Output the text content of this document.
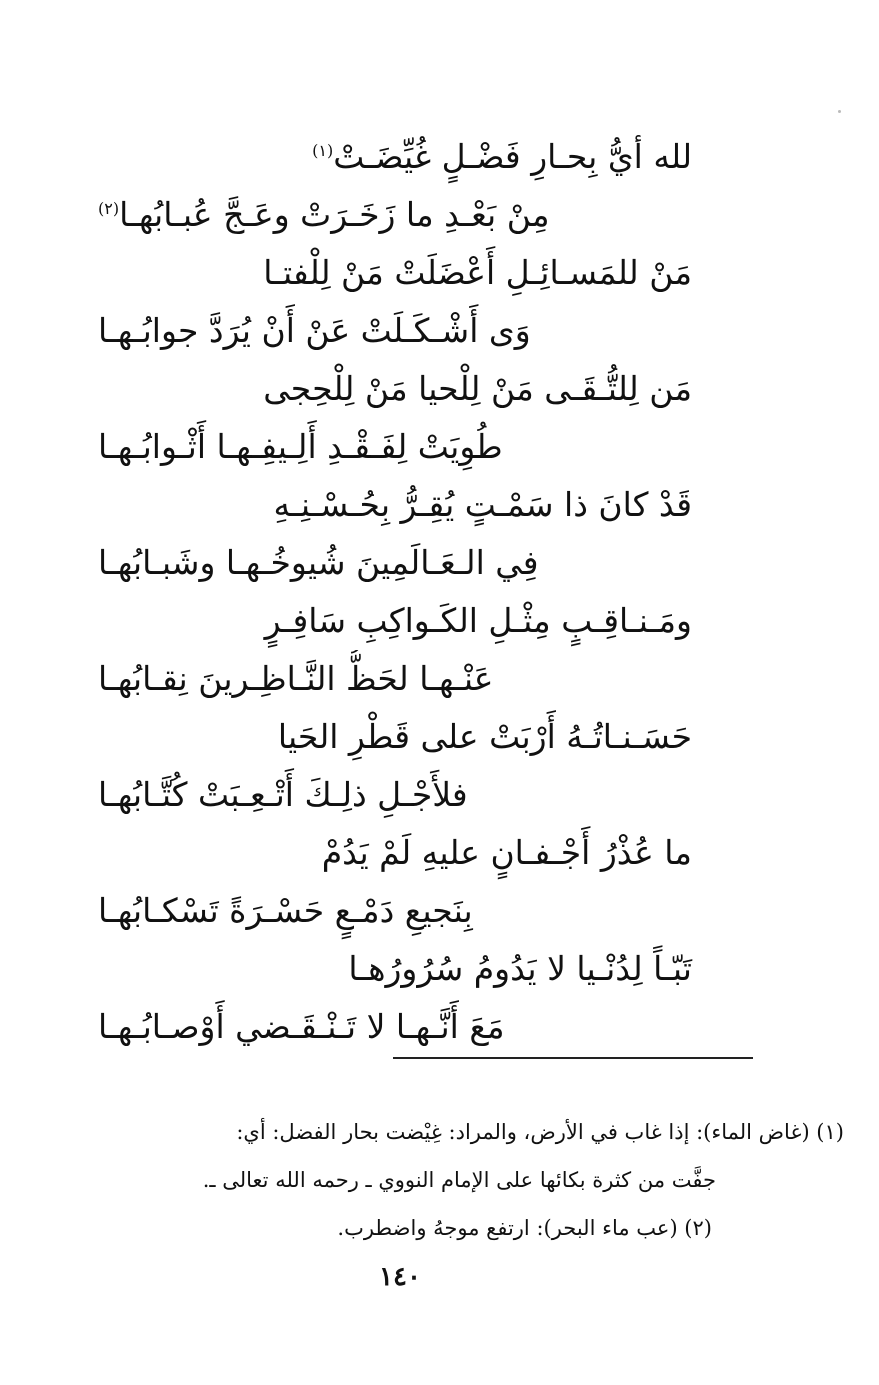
لله أيُّ بِحـارِ فَضْـلٍ غُيِّضَـتْ$^{(١)}$
مِنْ بَعْـدِ ما زَخَـرَتْ وعَـجَّ عُبـابُهـا$^{(٢)}$
مَنْ للمَسـائِـلِ أَعْضَلَتْ مَنْ لِلْفتـا
وَى أَشْـكَـلَتْ عَنْ أَنْ يُرَدَّ جوابُـهـا
مَن لِلتُّـقَـى مَنْ لِلْحيا مَنْ لِلْحِجى
طُوِيَتْ لِفَـقْـدِ أَلِـيفِـهـا أَثْـوابُـهـا
قَدْ كانَ ذا سَمْـتٍ يُقِـرُّ بِحُـسْـنِـهِ
فِي الـعَـالَمِينَ شُيوخُـهـا وشَبـابُهـا
ومَـنـاقِـبٍ مِثْـلِ الكَـواكِبِ سَافِـرٍ
عَنْـهـا لحَظُّ النَّـاظِـرينَ نِقـابُهـا
حَسَـنـاتُـهُ أَرْبَتْ على قَطْرِ الحَيا
فلأَجْـلِ ذلِـكَ أَتْـعِـبَتْ كُتَّـابُهـا
ما عُذْرُ أَجْـفـانٍ عليهِ لَمْ يَدُمْ
بِنَجيعِ دَمْـعٍ حَسْـرَةً تَسْكـابُهـا
تَبّـاً لِدُنْـيا لا يَدُومُ سُرُورُهـا
مَعَ أَنَّـهـا لا تَـنْـقَـضي أَوْصـابُـهـا
(١) (غاض الماء): إذا غاب في الأرض، والمراد: غِيْضت بحار الفضل: أي:
جفَّت من كثرة بكائها على الإمام النووي ـ رحمه الله تعالى ـ.
(٢) (عب ماء البحر): ارتفع موجهُ واضطرب.
١٤٠
